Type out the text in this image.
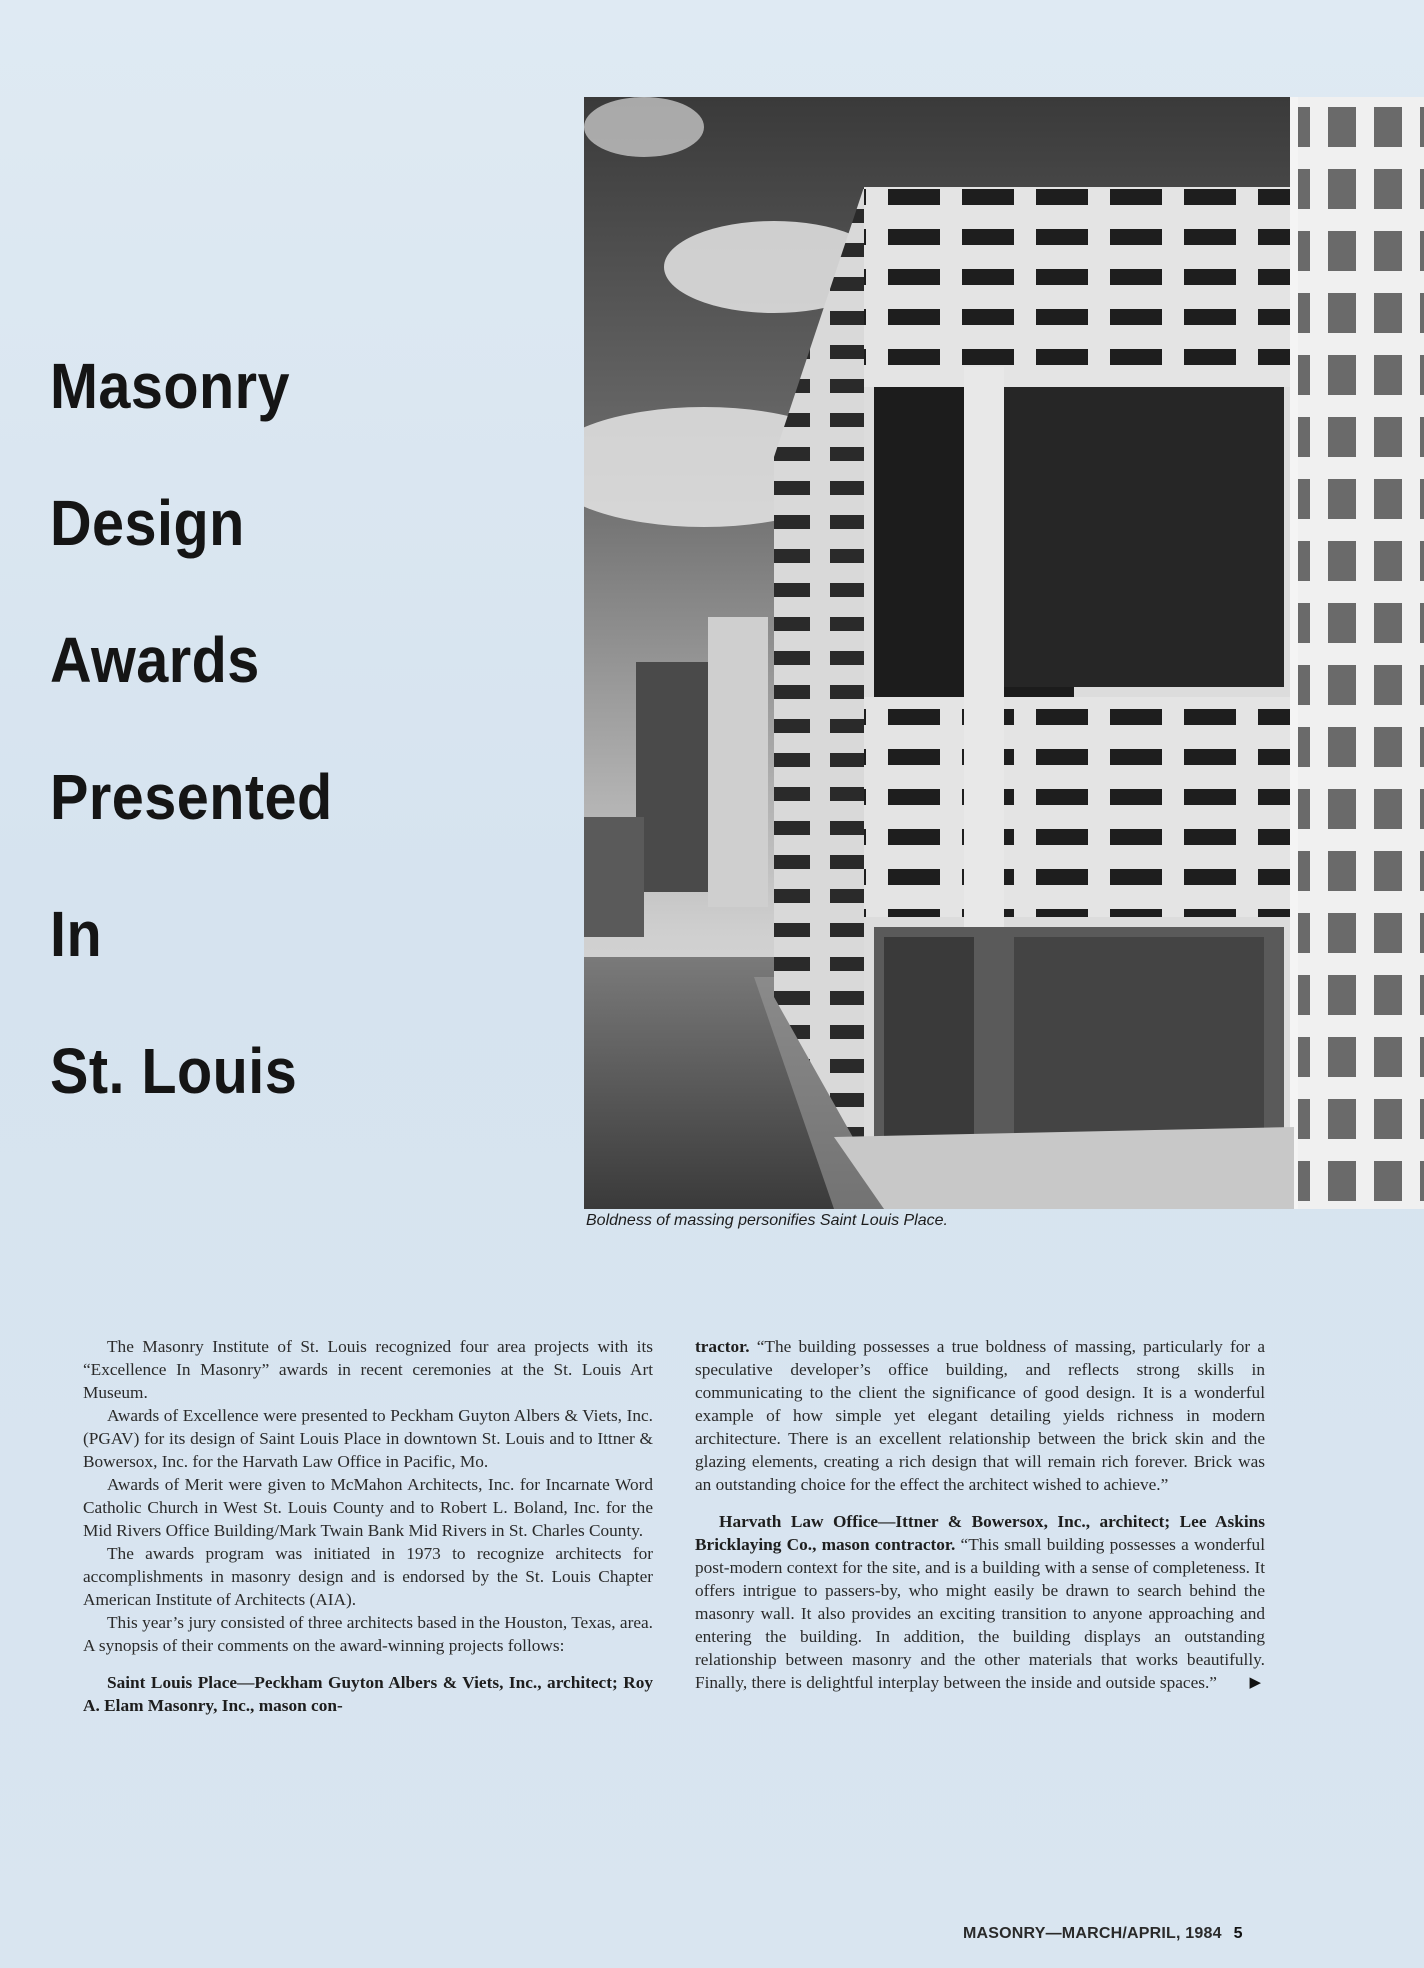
Masonry
Design
Awards
Presented
In
St. Louis
Boldness of massing personifies Saint Louis Place.

The Masonry Institute of St. Louis recognized four area projects with its “Excellence In Masonry” awards in recent ceremonies at the St. Louis Art Museum.

Awards of Excellence were presented to Peckham Guyton Albers & Viets, Inc. (PGAV) for its design of Saint Louis Place in downtown St. Louis and to Ittner & Bowersox, Inc. for the Harvath Law Office in Pacific, Mo.

Awards of Merit were given to McMahon Architects, Inc. for Incarnate Word Catholic Church in West St. Louis County and to Robert L. Boland, Inc. for the Mid Rivers Office Building/Mark Twain Bank Mid Rivers in St. Charles County.

The awards program was initiated in 1973 to recognize architects for accomplishments in masonry design and is endorsed by the St. Louis Chapter American Institute of Architects (AIA).

This year’s jury consisted of three architects based in the Houston, Texas, area. A synopsis of their comments on the award-winning projects follows:

Saint Louis Place—Peckham Guyton Albers & Viets, Inc., architect; Roy A. Elam Masonry, Inc., mason con-

tractor. “The building possesses a true boldness of massing, particularly for a speculative developer’s office building, and reflects strong skills in communicating to the client the significance of good design. It is a wonderful example of how simple yet elegant detailing yields richness in modern architecture. There is an excellent relationship between the brick skin and the glazing elements, creating a rich design that will remain rich forever. Brick was an outstanding choice for the effect the architect wished to achieve.”

Harvath Law Office—Ittner & Bowersox, Inc., architect; Lee Askins Bricklaying Co., mason contractor. “This small building possesses a wonderful post-modern context for the site, and is a building with a sense of completeness. It offers intrigue to passers-by, who might easily be drawn to search behind the masonry wall. It also provides an exciting transition to anyone approaching and entering the building. In addition, the building displays an outstanding relationship between masonry and the other materials that works beautifully. Finally, there is delightful interplay between the inside and outside spaces.”	▶

MASONRY—MARCH/APRIL, 1984 5
